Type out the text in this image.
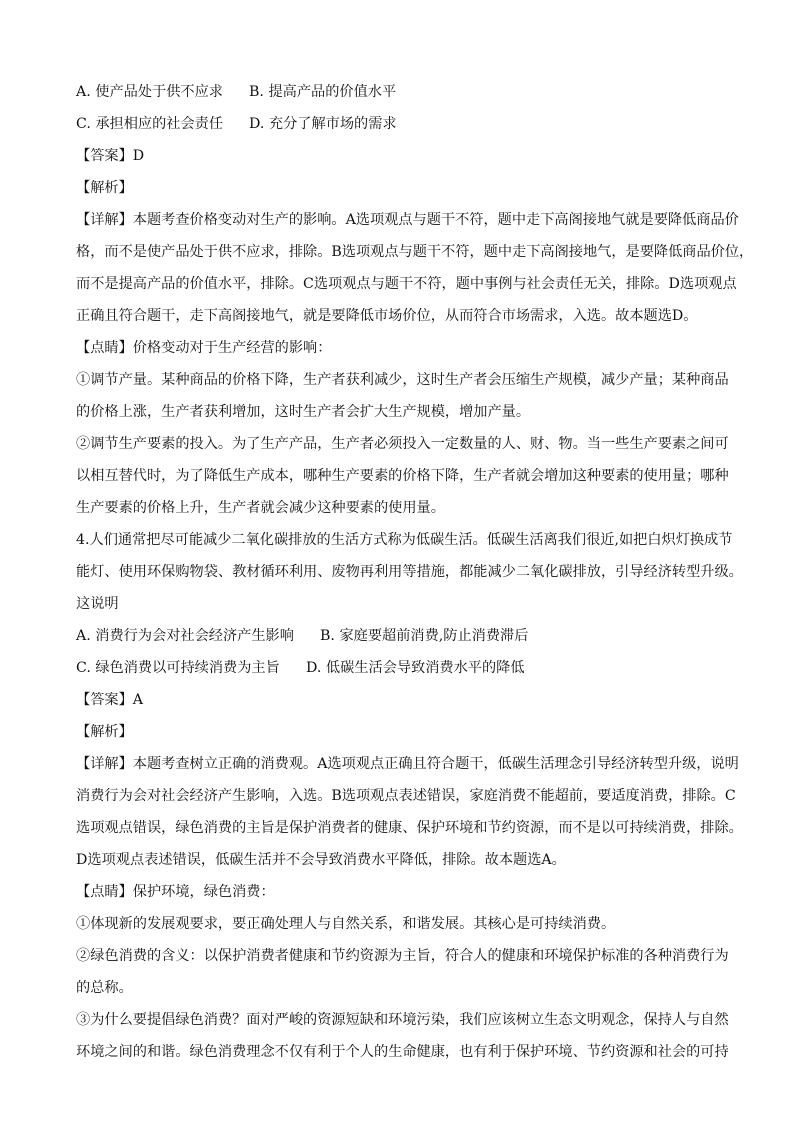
A. 使产品处于供不应求 B. 提高产品的价值水平
C. 承担相应的社会责任 D. 充分了解市场的需求
【答案】D
【解析】
【详解】本题考查价格变动对生产的影响。A选项观点与题干不符，题中走下高阁接地气就是要降低商品价
格，而不是使产品处于供不应求，排除。B选项观点与题干不符，题中走下高阁接地气，是要降低商品价位，
而不是提高产品的价值水平，排除。C选项观点与题干不符，题中事例与社会责任无关，排除。D选项观点
正确且符合题干，走下高阁接地气，就是要降低市场价位，从而符合市场需求，入选。故本题选D。
【点睛】价格变动对于生产经营的影响：
①调节产量。某种商品的价格下降，生产者获利减少，这时生产者会压缩生产规模，减少产量；某种商品
的价格上涨，生产者获利增加，这时生产者会扩大生产规模，增加产量。
②调节生产要素的投入。为了生产产品，生产者必须投入一定数量的人、财、物。当一些生产要素之间可
以相互替代时，为了降低生产成本，哪种生产要素的价格下降，生产者就会增加这种要素的使用量；哪种
生产要素的价格上升，生产者就会减少这种要素的使用量。
4.人们通常把尽可能减少二氧化碳排放的生活方式称为低碳生活。低碳生活离我们很近,如把白炽灯换成节
能灯、使用环保购物袋、教材循环利用、废物再利用等措施，都能减少二氧化碳排放，引导经济转型升级。
这说明
A. 消费行为会对社会经济产生影响 B. 家庭要超前消费,防止消费滞后
C. 绿色消费以可持续消费为主旨 D. 低碳生活会导致消费水平的降低
【答案】A
【解析】
【详解】本题考查树立正确的消费观。A选项观点正确且符合题干，低碳生活理念引导经济转型升级，说明
消费行为会对社会经济产生影响，入选。B选项观点表述错误，家庭消费不能超前，要适度消费，排除。C
选项观点错误，绿色消费的主旨是保护消费者的健康、保护环境和节约资源，而不是以可持续消费，排除。
D选项观点表述错误，低碳生活并不会导致消费水平降低，排除。故本题选A。
【点睛】保护环境，绿色消费：
①体现新的发展观要求，要正确处理人与自然关系，和谐发展。其核心是可持续消费。
②绿色消费的含义：以保护消费者健康和节约资源为主旨，符合人的健康和环境保护标准的各种消费行为
的总称。
③为什么要提倡绿色消费？面对严峻的资源短缺和环境污染，我们应该树立生态文明观念，保持人与自然
环境之间的和谐。绿色消费理念不仅有利于个人的生命健康，也有利于保护环境、节约资源和社会的可持
